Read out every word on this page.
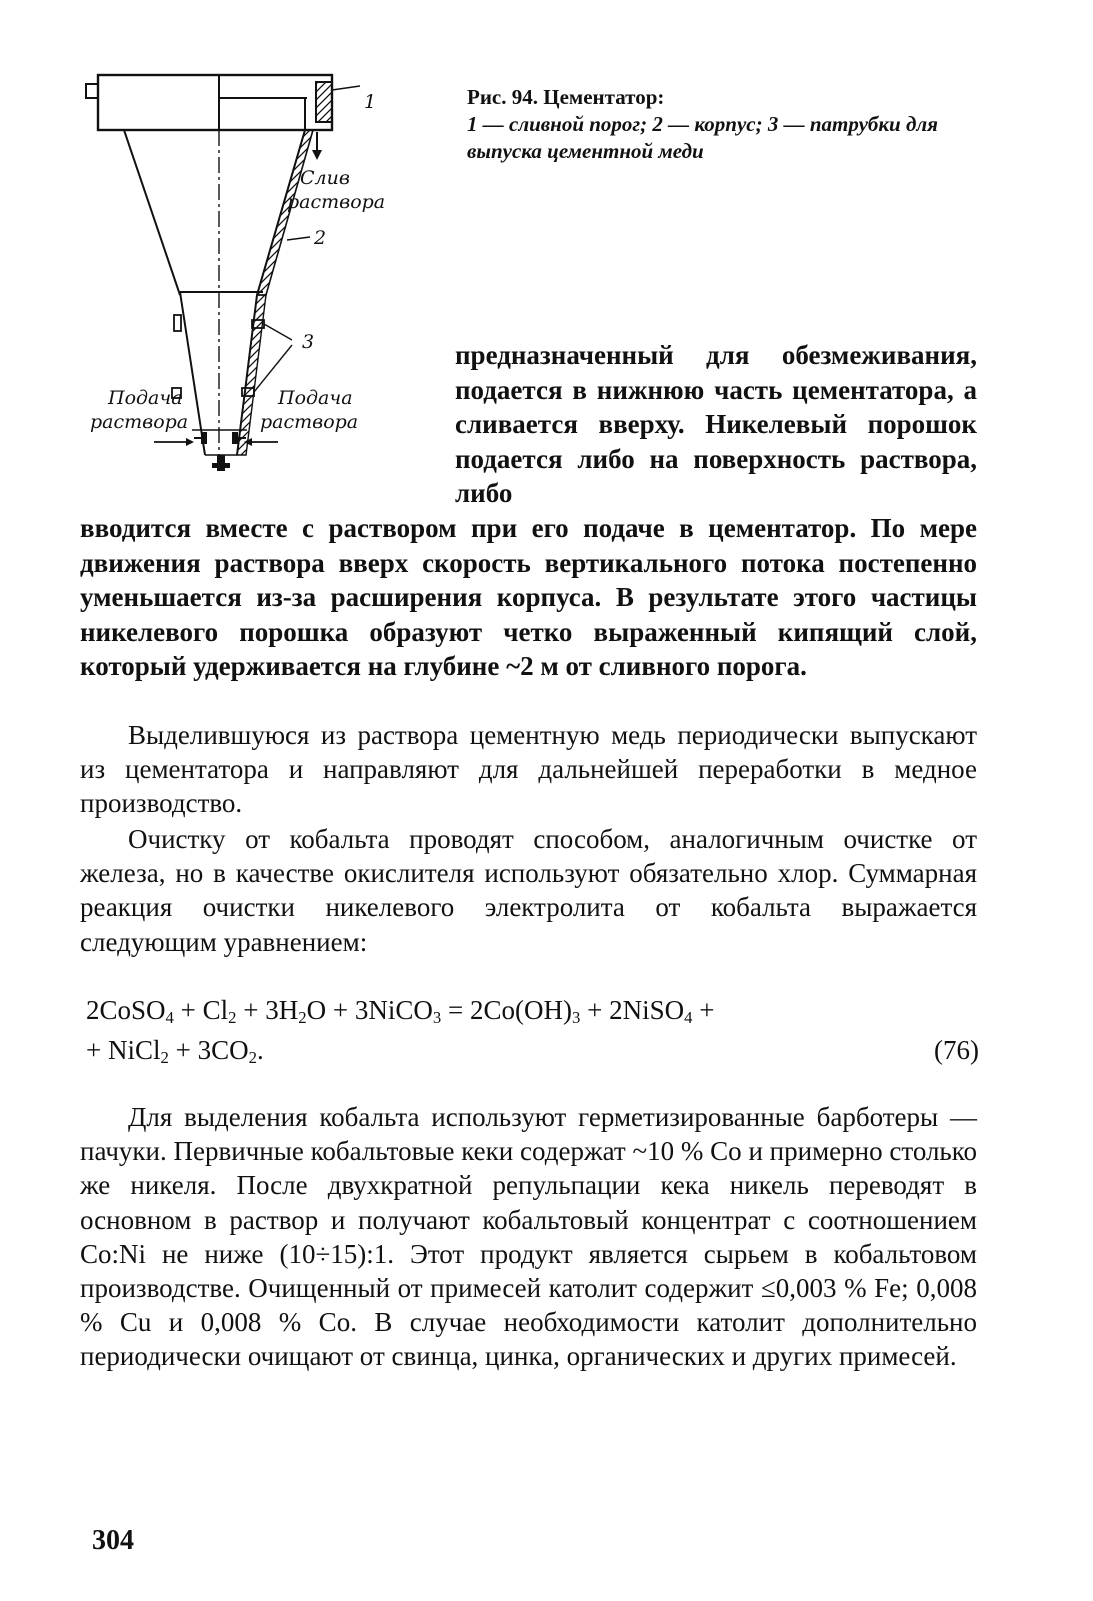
1
Слив
раствора
2
3
Подача
раствора
Подача
раствора
Рис. 94. Цементатор:
1 — сливной порог; 2 — корпус; 3 — патрубки для выпуска цементной меди
предназначенный для обезмеживания, подается в нижнюю часть цементатора, а сливается вверху. Никелевый порошок подается либо на поверхность раствора, либо
вводится вместе с раствором при его подаче в цементатор. По мере движения раствора вверх скорость вертикального потока постепенно уменьшается из-за расширения корпуса. В результате этого частицы никелевого порошка образуют четко выраженный кипящий слой, который удерживается на глубине ~2 м от сливного порога.
Выделившуюся из раствора цементную медь периодически выпускают из цементатора и направляют для дальнейшей переработки в медное производство.
Очистку от кобальта проводят способом, аналогичным очистке от железа, но в качестве окислителя используют обязательно хлор. Суммарная реакция очистки никелевого электролита от кобальта выражается следующим уравнением:
2CoSO$_4$ + $Cl_2 + 3H_2O$ + 3NiCO$_3$ = $2Co(OH)_3$ + 2NiSO$_4$ +
+ NiCl$_2$ + $3CO_2$.	(76)
Для выделения кобальта используют герметизированные барботеры — пачуки. Первичные кобальтовые кеки содержат ~10 % Co и примерно столько же никеля. После двухкратной репульпации кека никель переводят в основном в раствор и получают кобальтовый концентрат с соотношением Co:Ni не ниже (10÷15):1. Этот продукт является сырьем в кобальтовом производстве. Очищенный от примесей католит содержит ≤0,003 % Fe; 0,008 % Cu и 0,008 % Co. В случае необходимости католит дополнительно периодически очищают от свинца, цинка, органических и других примесей.
304
